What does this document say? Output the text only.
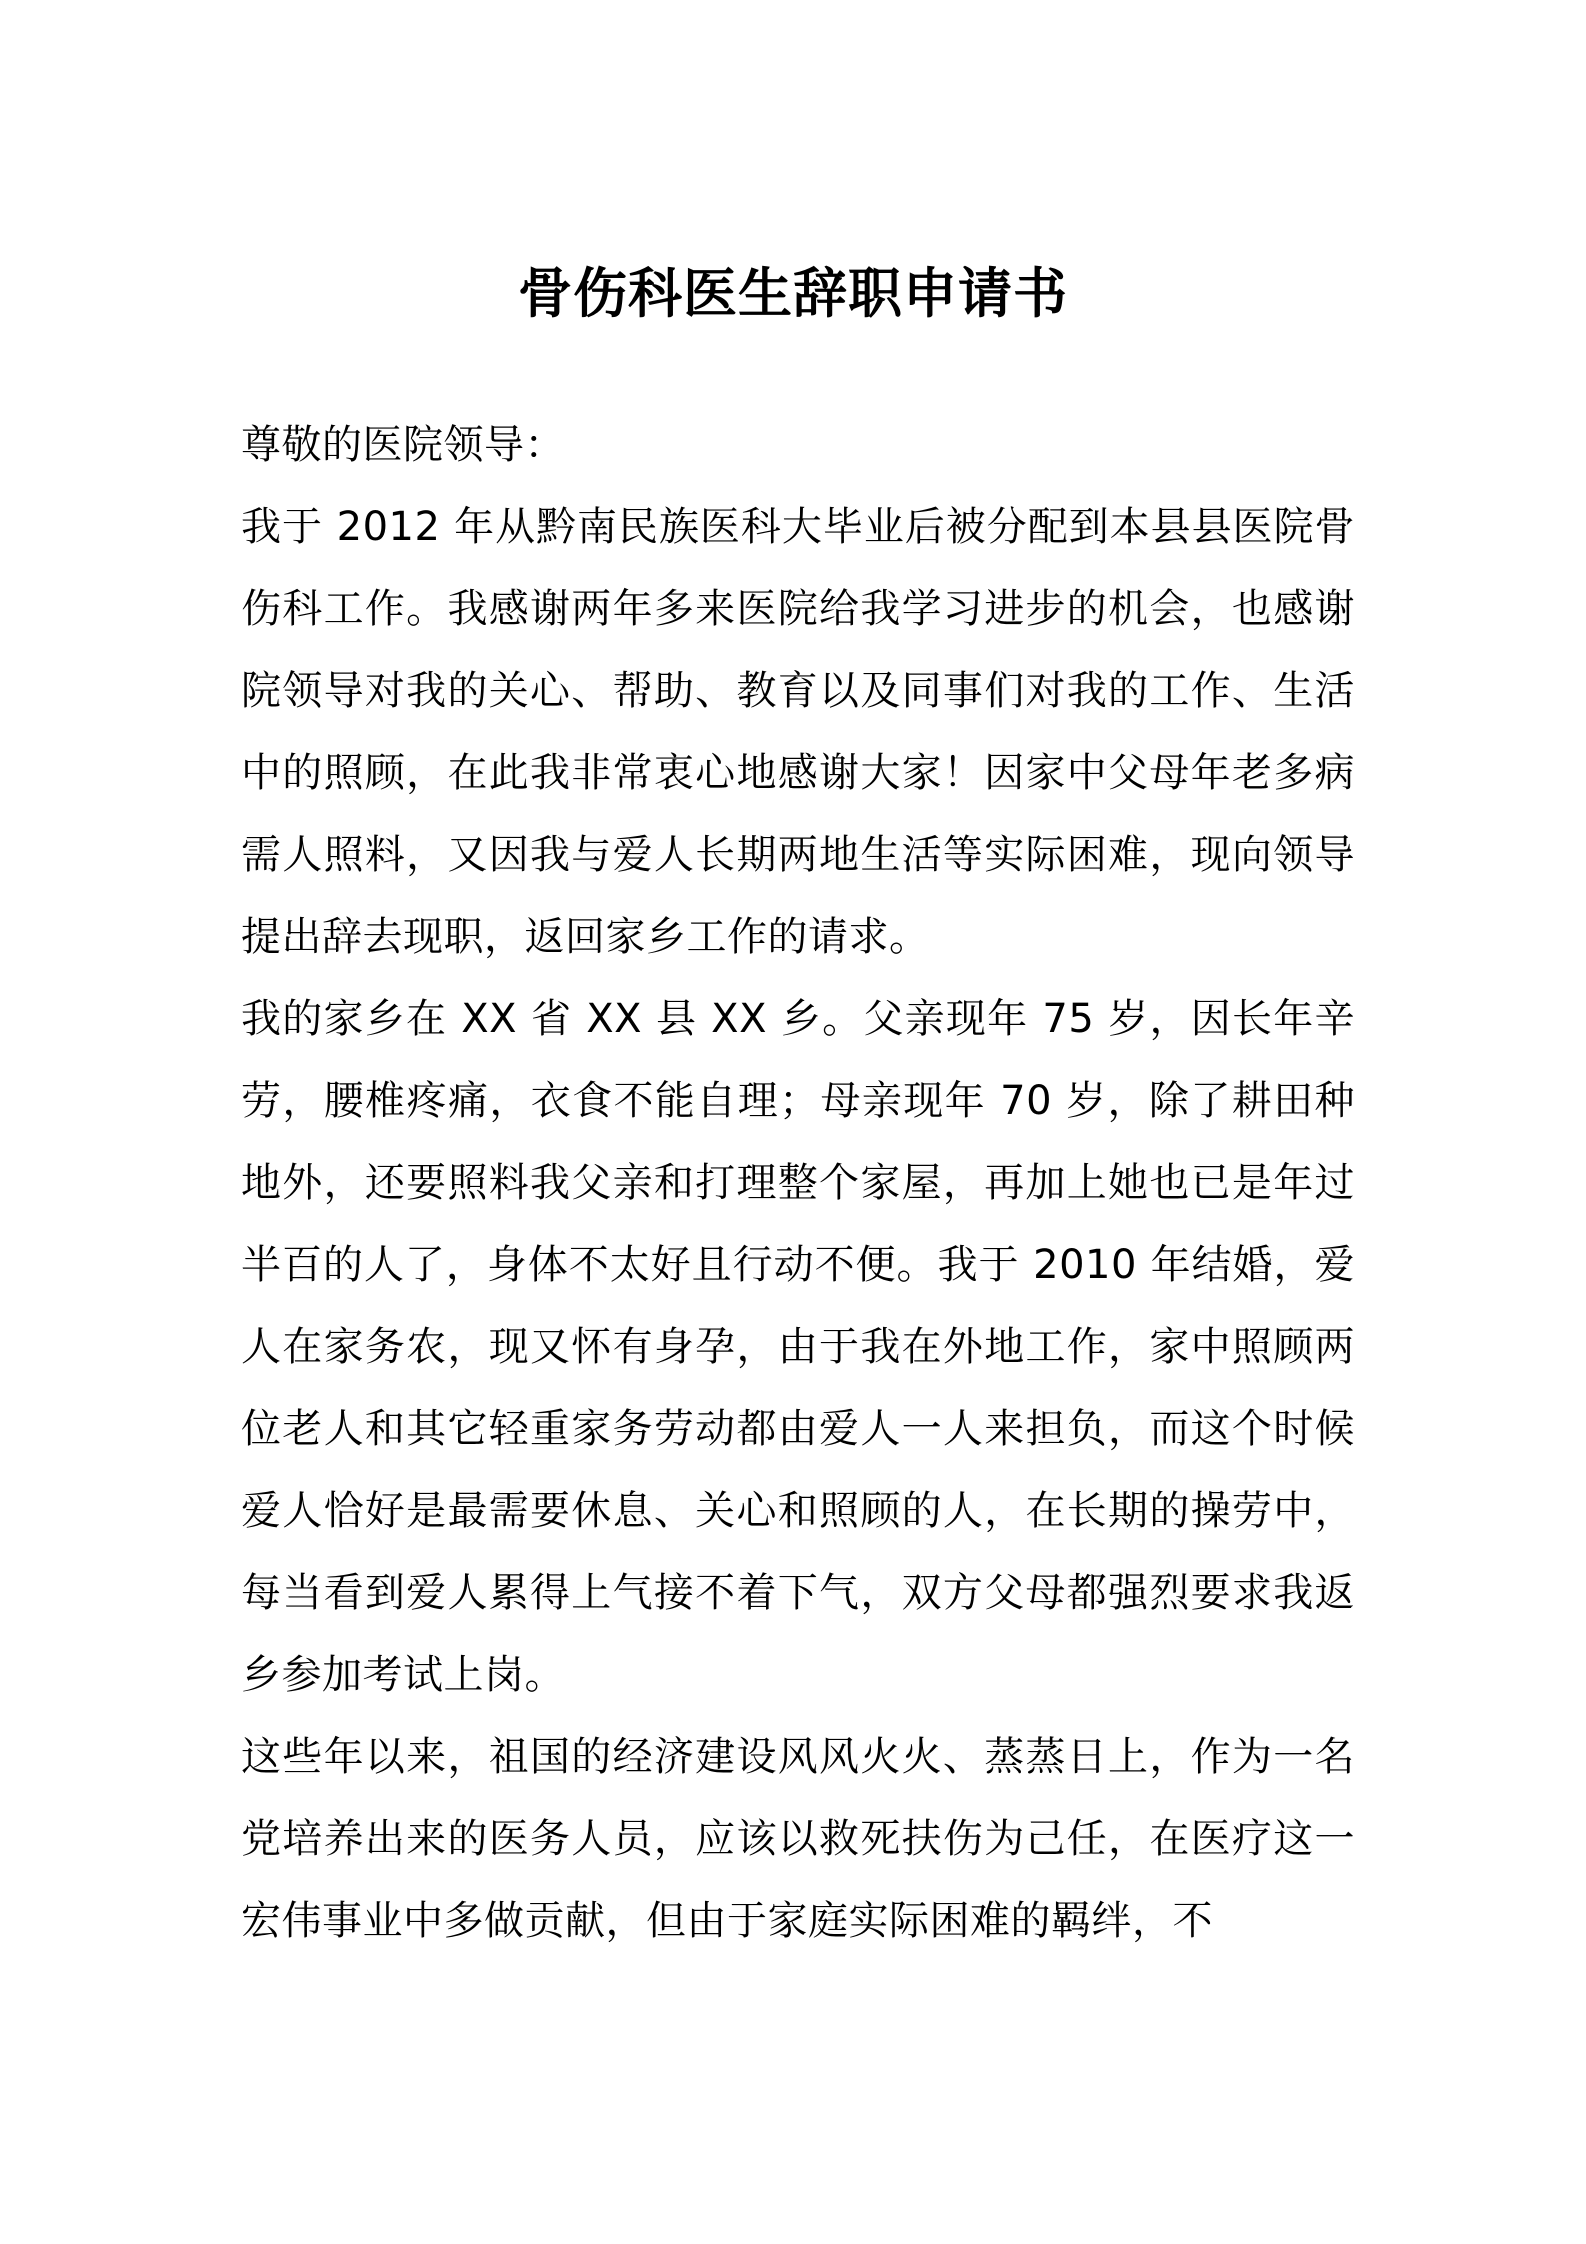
骨伤科医生辞职申请书

尊敬的医院领导：

我于 2012 年从黔南民族医科大毕业后被分配到本县县医院骨伤科工作。我感谢两年多来医院给我学习进步的机会，也感谢院领导对我的关心、帮助、教育以及同事们对我的工作、生活中的照顾，在此我非常衷心地感谢大家！因家中父母年老多病需人照料，又因我与爱人长期两地生活等实际困难，现向领导提出辞去现职，返回家乡工作的请求。

我的家乡在 XX 省 XX 县 XX 乡。父亲现年 75 岁，因长年辛劳，腰椎疼痛，衣食不能自理；母亲现年 70 岁，除了耕田种地外，还要照料我父亲和打理整个家屋，再加上她也已是年过半百的人了，身体不太好且行动不便。我于 2010 年结婚，爱人在家务农，现又怀有身孕，由于我在外地工作，家中照顾两位老人和其它轻重家务劳动都由爱人一人来担负，而这个时候爱人恰好是最需要休息、关心和照顾的人，在长期的操劳中，每当看到爱人累得上气接不着下气，双方父母都强烈要求我返乡参加考试上岗。

这些年以来，祖国的经济建设风风火火、蒸蒸日上，作为一名党培养出来的医务人员，应该以救死扶伤为己任，在医疗这一宏伟事业中多做贡献，但由于家庭实际困难的羁绊，不
